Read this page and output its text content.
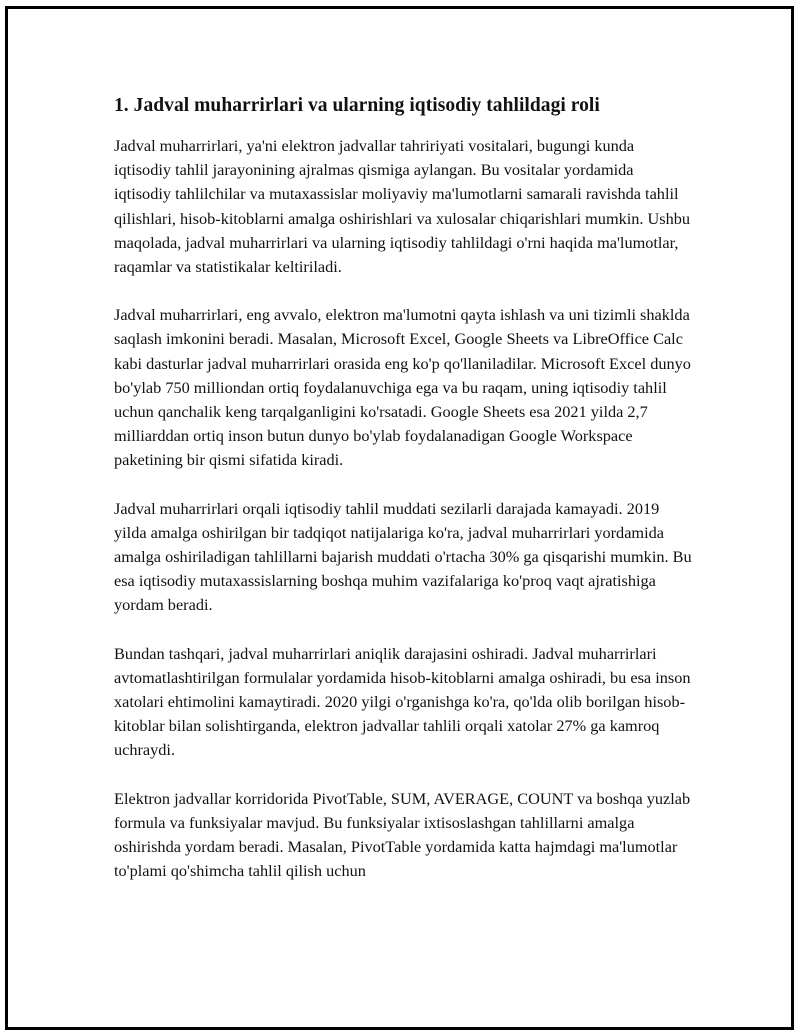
1. Jadval muharrirlari va ularning iqtisodiy tahlildagi roli

Jadval muharrirlari, ya'ni elektron jadvallar tahririyati vositalari, bugungi kunda iqtisodiy tahlil jarayonining ajralmas qismiga aylangan. Bu vositalar yordamida iqtisodiy tahlilchilar va mutaxassislar moliyaviy ma'lumotlarni samarali ravishda tahlil qilishlari, hisob-kitoblarni amalga oshirishlari va xulosalar chiqarishlari mumkin. Ushbu maqolada, jadval muharrirlari va ularning iqtisodiy tahlildagi o'rni haqida ma'lumotlar, raqamlar va statistikalar keltiriladi.

Jadval muharrirlari, eng avvalo, elektron ma'lumotni qayta ishlash va uni tizimli shaklda saqlash imkonini beradi. Masalan, Microsoft Excel, Google Sheets va LibreOffice Calc kabi dasturlar jadval muharrirlari orasida eng ko'p qo'llaniladilar. Microsoft Excel dunyo bo'ylab 750 milliondan ortiq foydalanuvchiga ega va bu raqam, uning iqtisodiy tahlil uchun qanchalik keng tarqalganligini ko'rsatadi. Google Sheets esa 2021 yilda 2,7 milliarddan ortiq inson butun dunyo bo'ylab foydalanadigan Google Workspace paketining bir qismi sifatida kiradi.

Jadval muharrirlari orqali iqtisodiy tahlil muddati sezilarli darajada kamayadi. 2019 yilda amalga oshirilgan bir tadqiqot natijalariga ko'ra, jadval muharrirlari yordamida amalga oshiriladigan tahlillarni bajarish muddati o'rtacha 30% ga qisqarishi mumkin. Bu esa iqtisodiy mutaxassislarning boshqa muhim vazifalariga ko'proq vaqt ajratishiga yordam beradi.

Bundan tashqari, jadval muharrirlari aniqlik darajasini oshiradi. Jadval muharrirlari avtomatlashtirilgan formulalar yordamida hisob-kitoblarni amalga oshiradi, bu esa inson xatolari ehtimolini kamaytiradi. 2020 yilgi o'rganishga ko'ra, qo'lda olib borilgan hisob-kitoblar bilan solishtirganda, elektron jadvallar tahlili orqali xatolar 27% ga kamroq uchraydi.

Elektron jadvallar korridorida PivotTable, SUM, AVERAGE, COUNT va boshqa yuzlab formula va funksiyalar mavjud. Bu funksiyalar ixtisoslashgan tahlillarni amalga oshirishda yordam beradi. Masalan, PivotTable yordamida katta hajmdagi ma'lumotlar to'plami qo'shimcha tahlil qilish uchun
